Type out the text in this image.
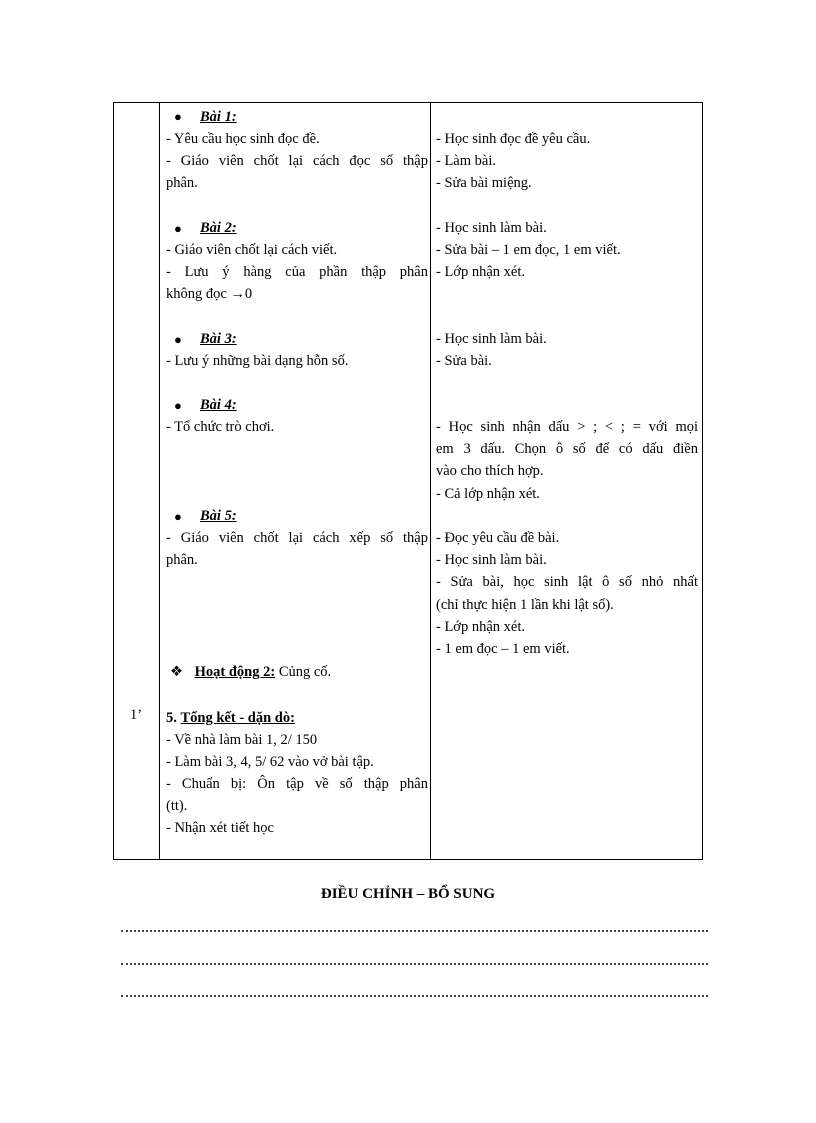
1’
● Bài 1:
- Yêu cầu học sinh đọc đề.
- Giáo viên chốt lại cách đọc số thập
phân.
● Bài 2:
- Giáo viên chốt lại cách viết.
- Lưu ý hàng của phần thập phân
không đọc →0
● Bài 3:
- Lưu ý những bài dạng hỗn số.
● Bài 4:
- Tổ chức trò chơi.
● Bài 5:
- Giáo viên chốt lại cách xếp số thập
phân.
❖ Hoạt động 2: Củng cố.
5. Tổng kết - dặn dò:
- Về nhà làm bài 1, 2/ 150
- Làm bài 3, 4, 5/ 62 vào vở bài tập.
- Chuẩn bị: Ôn tập về số thập phân
(tt).
- Nhận xét tiết học
- Học sinh đọc đề yêu cầu.
- Làm bài.
- Sửa bài miệng.
- Học sinh làm bài.
- Sửa bài – 1 em đọc, 1 em viết.
- Lớp nhận xét.
- Học sinh làm bài.
- Sửa bài.
- Học sinh nhận dấu > ; < ; = với mọi
em 3 dấu. Chọn ô số để có dấu điền
vào cho thích hợp.
- Cả lớp nhận xét.
- Đọc yêu cầu đề bài.
- Học sinh làm bài.
- Sửa bài, học sinh lật ô số nhỏ nhất
(chỉ thực hiện 1 lần khi lật số).
- Lớp nhận xét.
- 1 em đọc – 1 em viết.
ĐIỀU CHỈNH – BỔ SUNG
